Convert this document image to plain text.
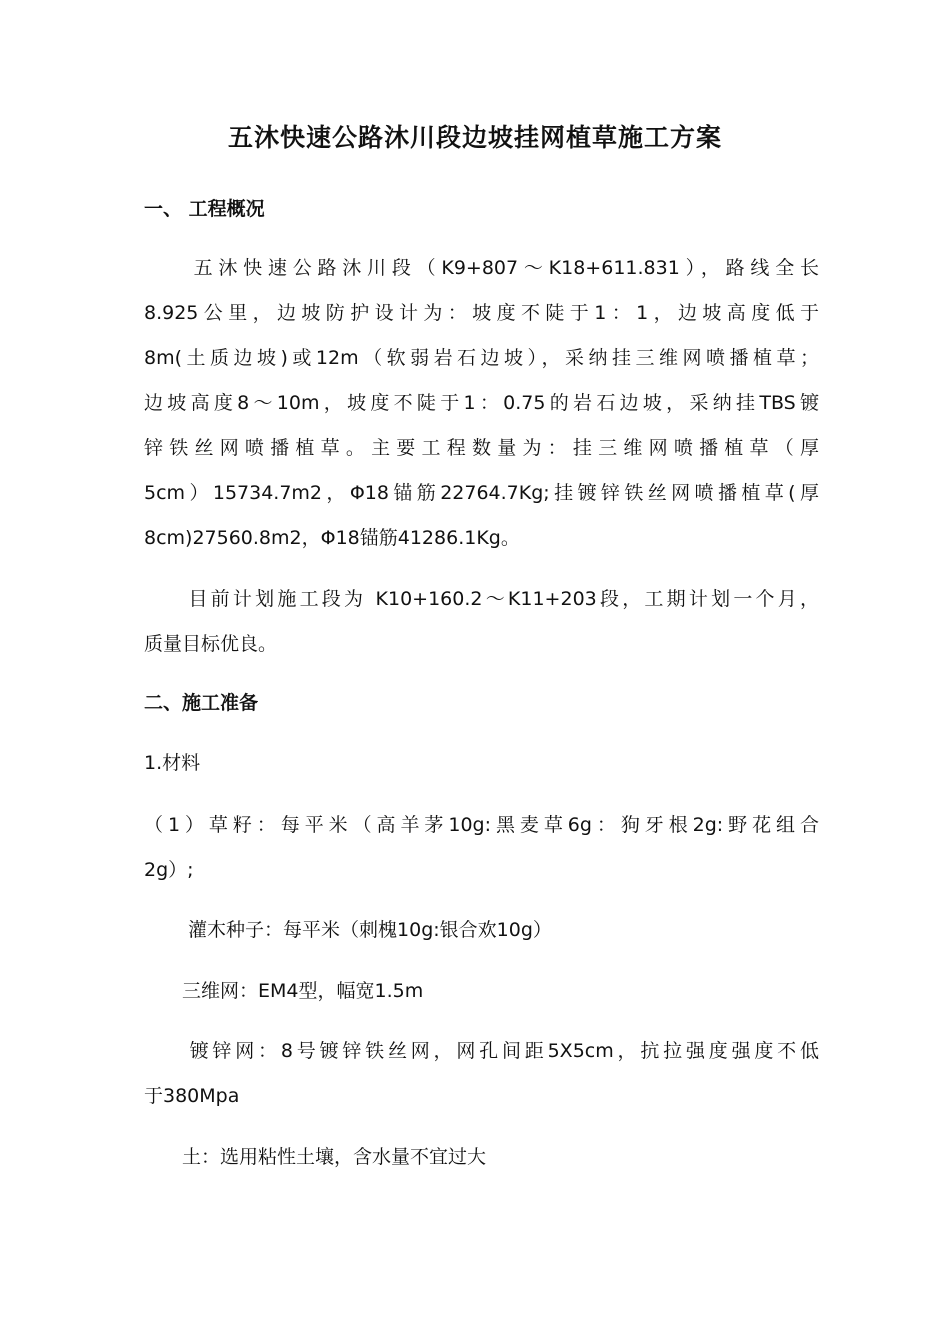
五沐快速公路沐川段边坡挂网植草施工方案
一、 工程概况
　　五沐快速公路沐川段（K9+807～K18+611.831），路线全长
8.925公里，边坡防护设计为：坡度不陡于1：1，边坡高度低于
8m(土质边坡)或12m（软弱岩石边坡），采纳挂三维网喷播植草；
边坡高度8～10m，坡度不陡于1：0.75的岩石边坡，采纳挂TBS镀
锌铁丝网喷播植草。主要工程数量为：挂三维网喷播植草（厚
5cm）15734.7m2，Φ18锚筋22764.7Kg;挂镀锌铁丝网喷播植草(厚
8cm)27560.8m2，Φ18锚筋41286.1Kg。
　　目前计划施工段为 K10+160.2～K11+203段，工期计划一个月，
质量目标优良。
二、施工准备
1.材料
（1）草籽：每平米（高羊茅10g:黑麦草6g：狗牙根2g:野花组合
2g）;
　　 灌木种子：每平米（刺槐10g:银合欢10g）
　　三维网：EM4型，幅宽1.5m
　　镀锌网：8号镀锌铁丝网，网孔间距5X5cm，抗拉强度强度不低
于380Mpa
　　土：选用粘性土壤，含水量不宜过大
